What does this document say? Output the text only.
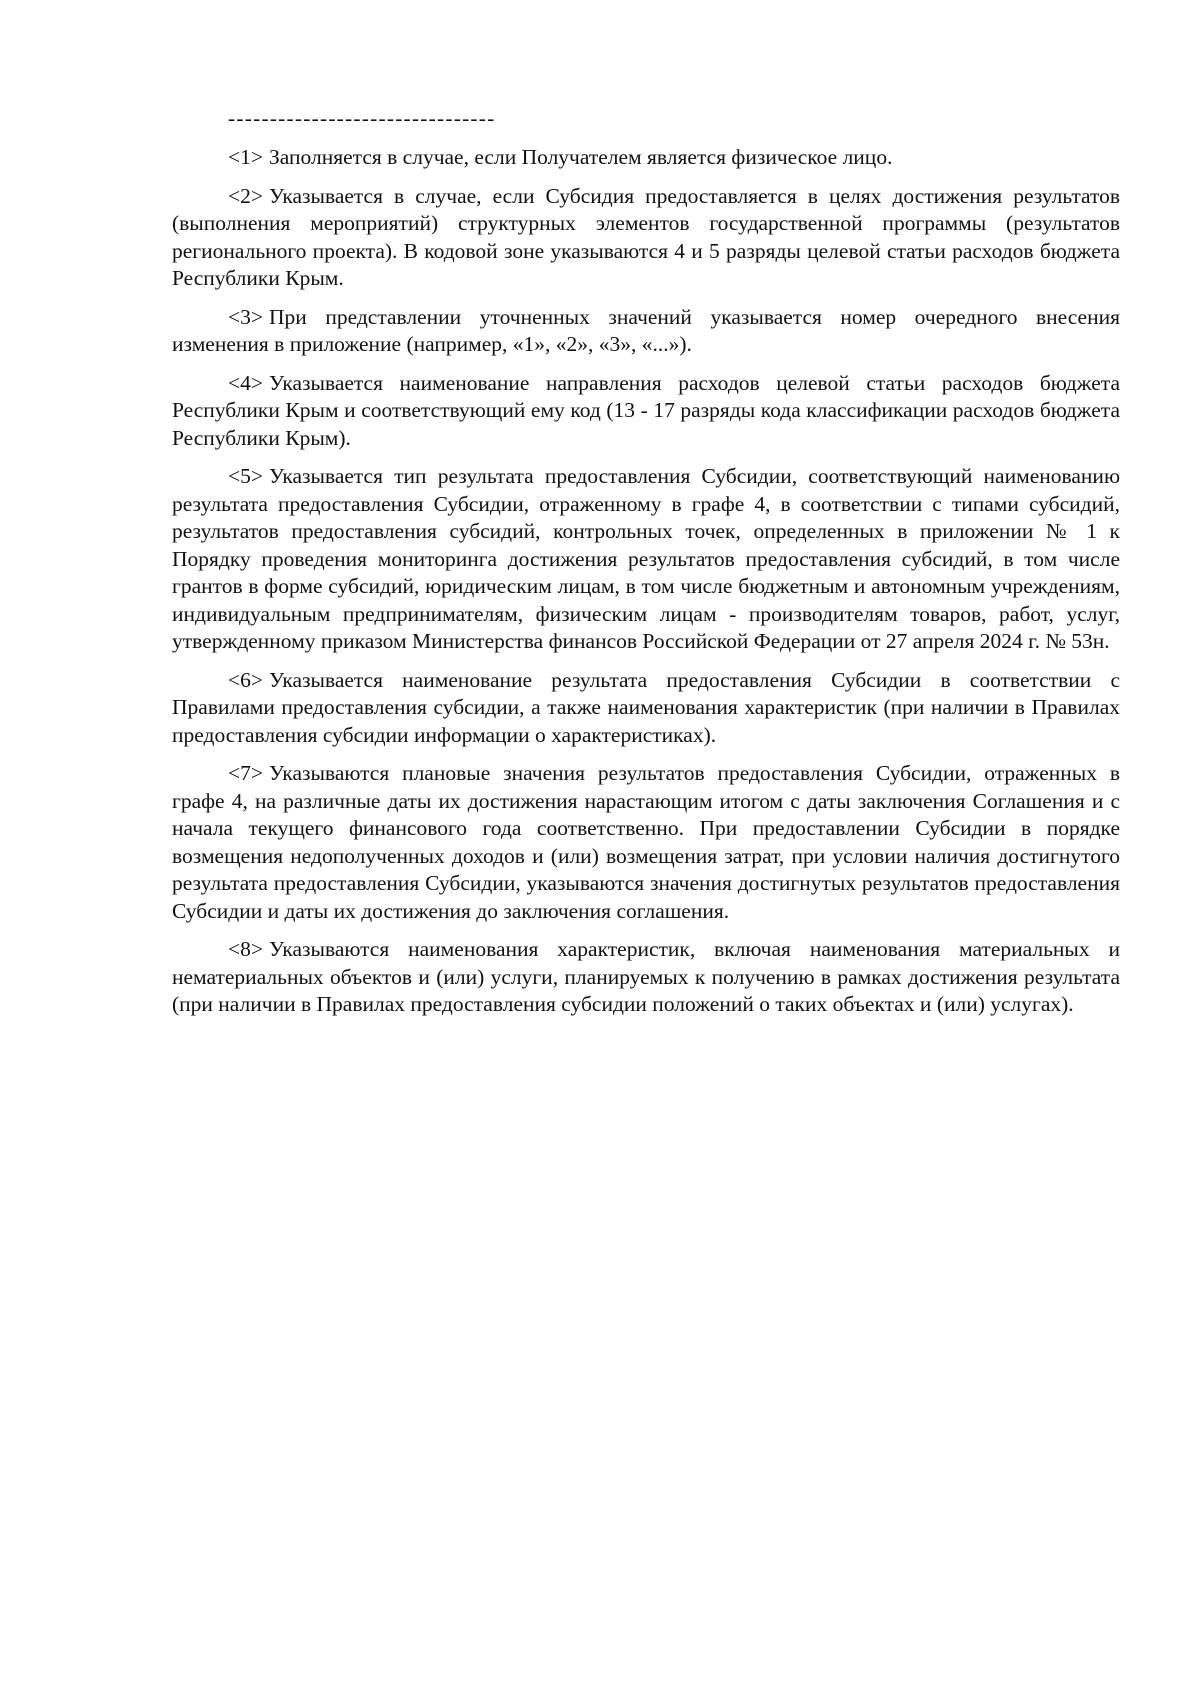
--------------------------------

<1> Заполняется в случае, если Получателем является физическое лицо.

<2> Указывается в случае, если Субсидия предоставляется в целях достижения результатов (выполнения мероприятий) структурных элементов государственной программы (результатов регионального проекта). В кодовой зоне указываются 4 и 5 разряды целевой статьи расходов бюджета Республики Крым.

<3> При представлении уточненных значений указывается номер очередного внесения изменения в приложение (например, «1», «2», «3», «...»).

<4> Указывается наименование направления расходов целевой статьи расходов бюджета Республики Крым и соответствующий ему код (13 - 17 разряды кода классификации расходов бюджета Республики Крым).

<5> Указывается тип результата предоставления Субсидии, соответствующий наименованию результата предоставления Субсидии, отраженному в графе 4, в соответствии с типами субсидий, результатов предоставления субсидий, контрольных точек, определенных в приложении № 1 к Порядку проведения мониторинга достижения результатов предоставления субсидий, в том числе грантов в форме субсидий, юридическим лицам, в том числе бюджетным и автономным учреждениям, индивидуальным предпринимателям, физическим лицам - производителям товаров, работ, услуг, утвержденному приказом Министерства финансов Российской Федерации от 27 апреля 2024 г. № 53н.

<6> Указывается наименование результата предоставления Субсидии в соответствии с Правилами предоставления субсидии, а также наименования характеристик (при наличии в Правилах предоставления субсидии информации о характеристиках).

<7> Указываются плановые значения результатов предоставления Субсидии, отраженных в графе 4, на различные даты их достижения нарастающим итогом с даты заключения Соглашения и с начала текущего финансового года соответственно. При предоставлении Субсидии в порядке возмещения недополученных доходов и (или) возмещения затрат, при условии наличия достигнутого результата предоставления Субсидии, указываются значения достигнутых результатов предоставления Субсидии и даты их достижения до заключения соглашения.

<8> Указываются наименования характеристик, включая наименования материальных и нематериальных объектов и (или) услуги, планируемых к получению в рамках достижения результата (при наличии в Правилах предоставления субсидии положений о таких объектах и (или) услугах).
